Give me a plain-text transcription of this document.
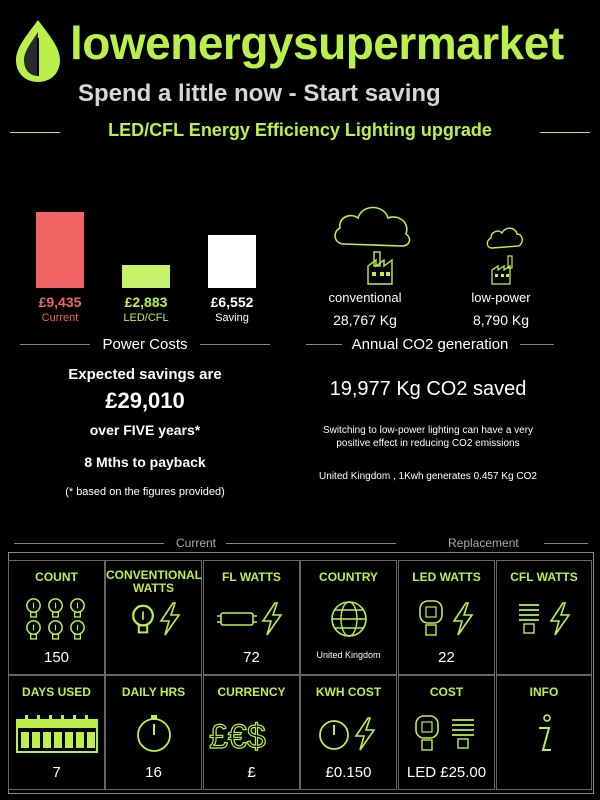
lowenergysupermarket
Spend a little now - Start saving
LED/CFL Energy Efficiency Lighting upgrade
£9,435
Current
£2,883
LED/CFL
£6,552
Saving
Power Costs
Expected savings are
£29,010
over FIVE years*
8 Mths to payback
(* based on the figures provided)
conventional
28,767 Kg
low-power
8,790 Kg
Annual CO2 generation
19,977 Kg CO2 saved
Switching to low-power lighting can have a very positive effect in reducing CO2 emissions
United Kingdom , 1Kwh generates 0.457 Kg CO2
Current	Replacement
COUNT
150
CONVENTIONAL WATTS
FL WATTS
72
COUNTRY
United Kingdom
LED WATTS
22
CFL WATTS
DAYS USED
7
DAILY HRS
16
CURRENCY
£€$
£
KWH COST
£0.150
COST
LED £25.00
INFO
